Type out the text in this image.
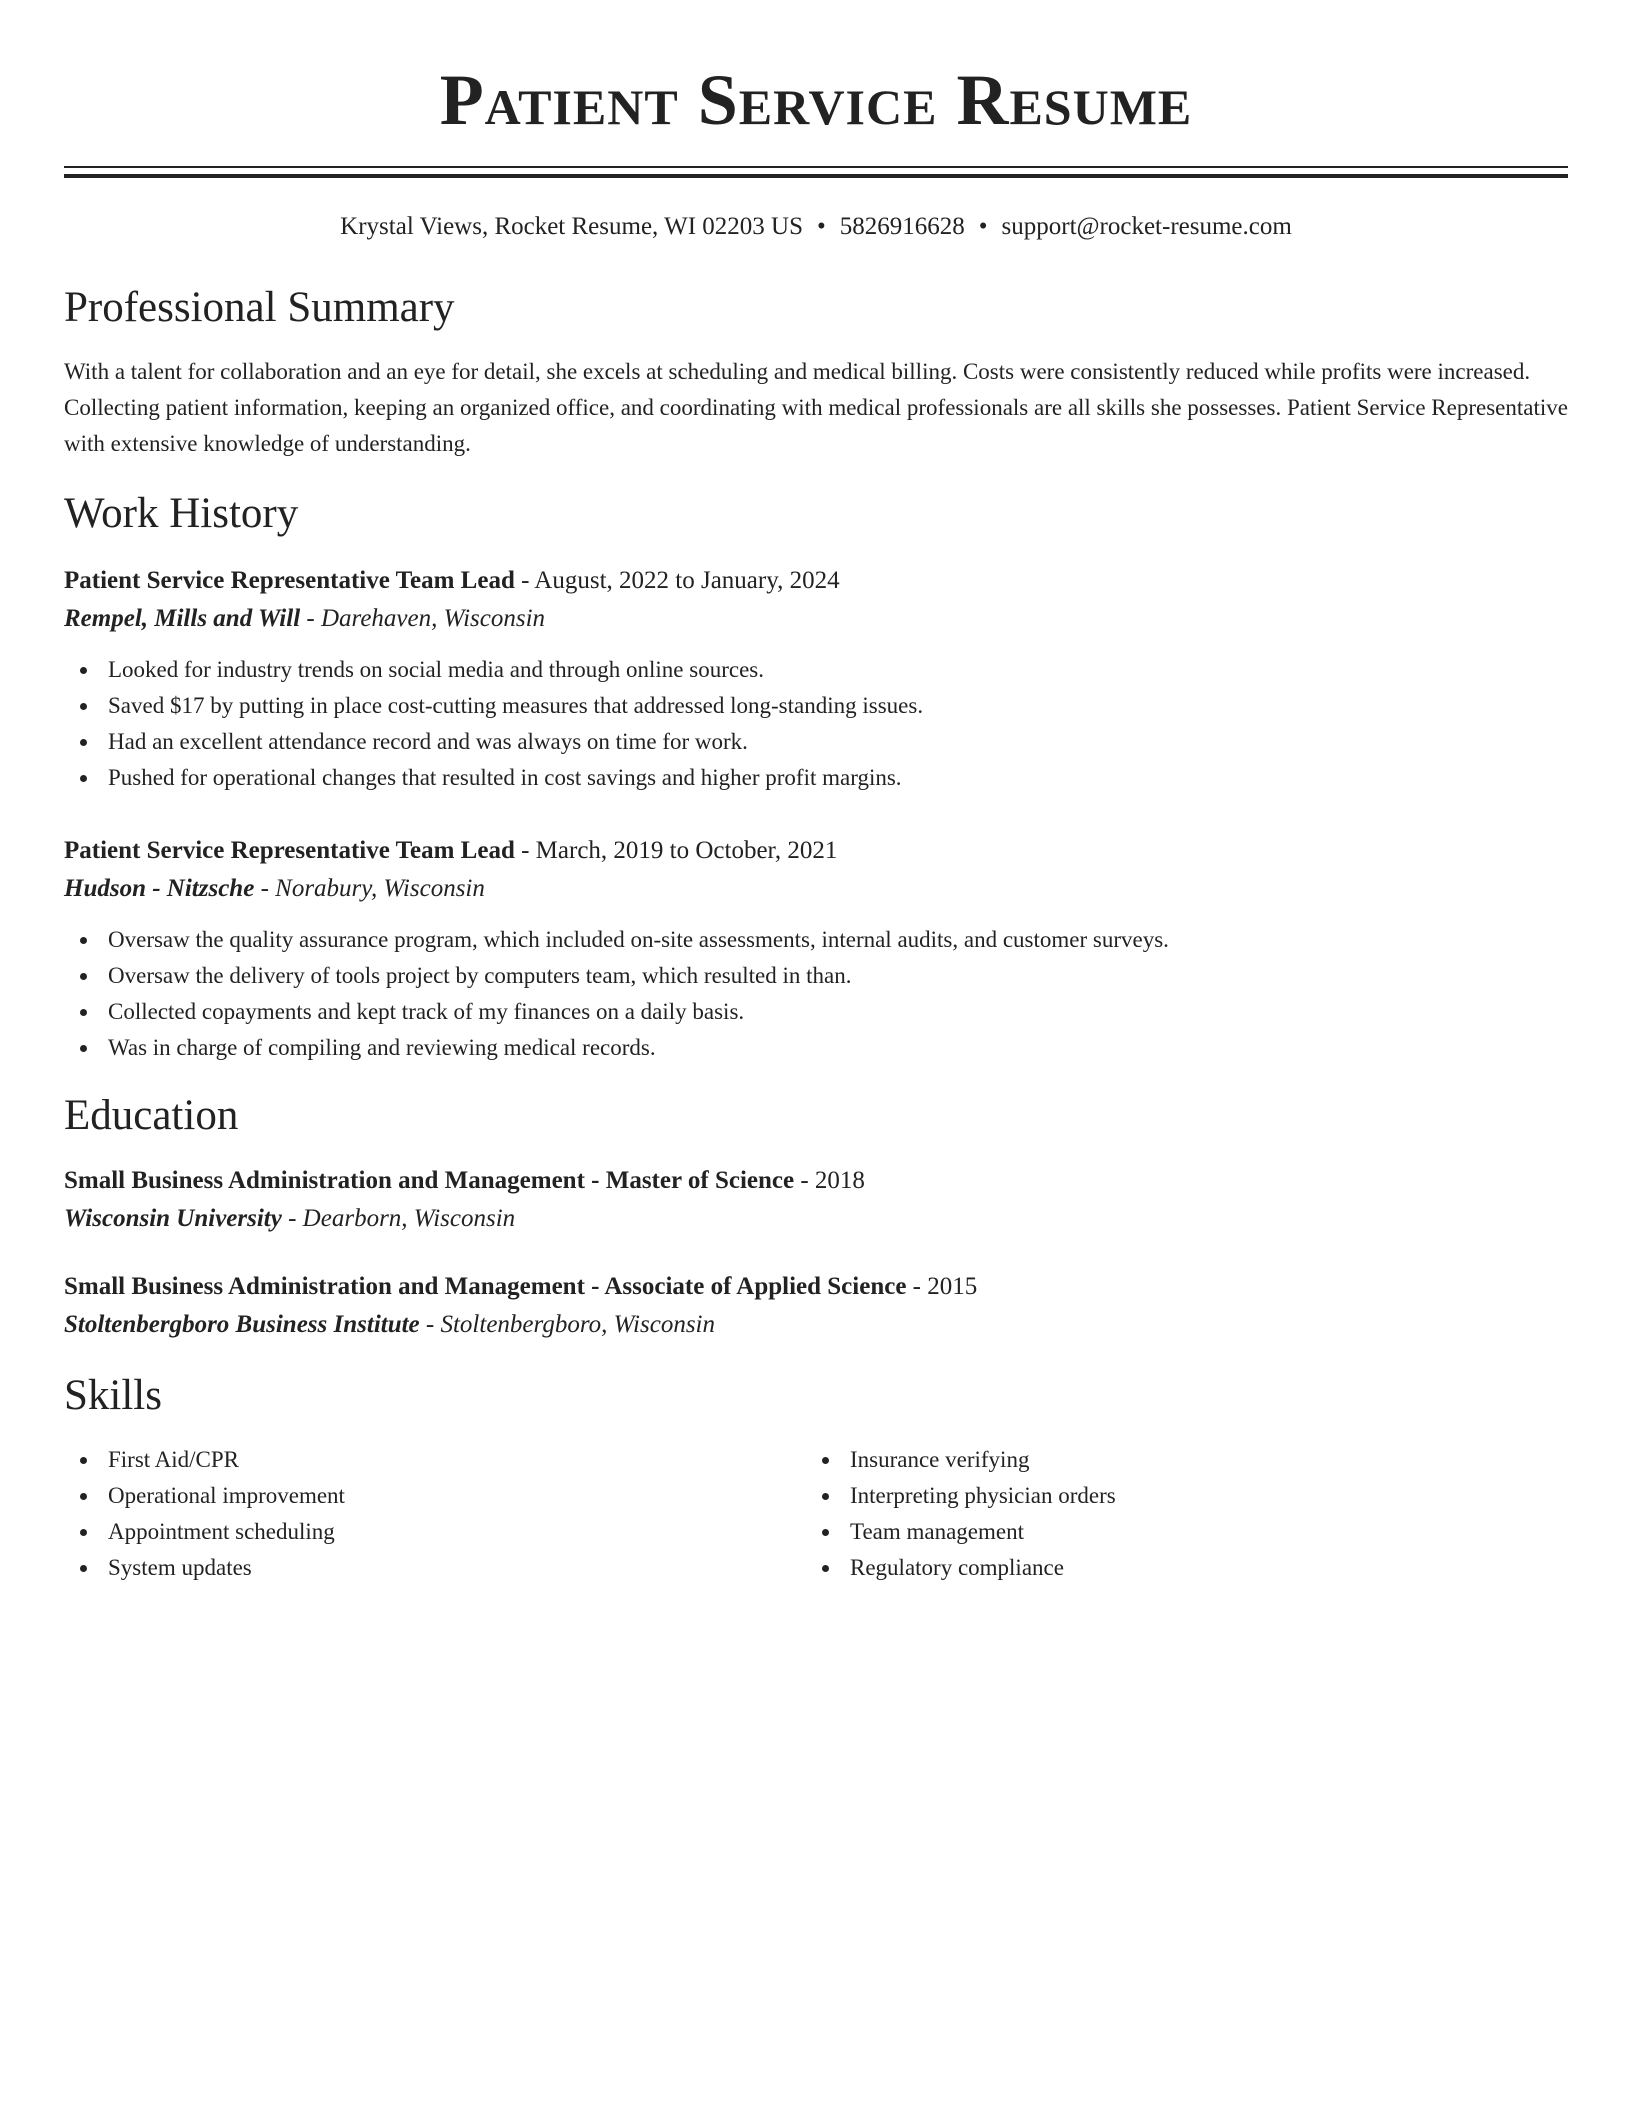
Patient Service Resume
Krystal Views, Rocket Resume, WI 02203 US • 5826916628 • support@rocket-resume.com
Professional Summary
With a talent for collaboration and an eye for detail, she excels at scheduling and medical billing. Costs were consistently reduced while profits were increased. Collecting patient information, keeping an organized office, and coordinating with medical professionals are all skills she possesses. Patient Service Representative with extensive knowledge of understanding.
Work History
Patient Service Representative Team Lead - August, 2022 to January, 2024
Rempel, Mills and Will - Darehaven, Wisconsin
Looked for industry trends on social media and through online sources.
Saved $17 by putting in place cost-cutting measures that addressed long-standing issues.
Had an excellent attendance record and was always on time for work.
Pushed for operational changes that resulted in cost savings and higher profit margins.
Patient Service Representative Team Lead - March, 2019 to October, 2021
Hudson - Nitzsche - Norabury, Wisconsin
Oversaw the quality assurance program, which included on-site assessments, internal audits, and customer surveys.
Oversaw the delivery of tools project by computers team, which resulted in than.
Collected copayments and kept track of my finances on a daily basis.
Was in charge of compiling and reviewing medical records.
Education
Small Business Administration and Management - Master of Science - 2018
Wisconsin University - Dearborn, Wisconsin
Small Business Administration and Management - Associate of Applied Science - 2015
Stoltenbergboro Business Institute - Stoltenbergboro, Wisconsin
Skills
First Aid/CPR
Operational improvement
Appointment scheduling
System updates
Insurance verifying
Interpreting physician orders
Team management
Regulatory compliance
